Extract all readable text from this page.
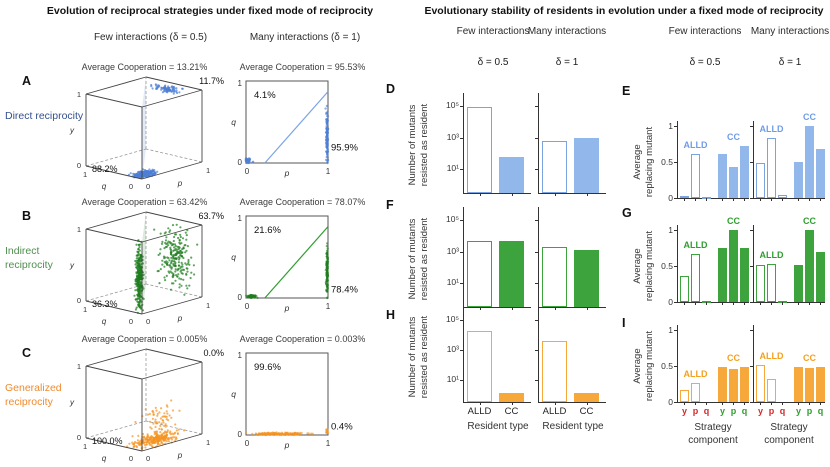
Evolution of reciprocal strategies under fixed mode of reciprocity
Few interactions (δ = 0.5)	Many interactions (δ = 1)
A
Direct reciprocity
Average Cooperation = 13.21%
1
0
y
1
0
q	0
1
p
11.7%
88.2%
Average Cooperation = 95.53%
1
0
0	1
q
p
4.1%
95.9%
B
Indirect reciprocity
Average Cooperation = 63.42%
1
0
y
1
0
q	0
1
p
63.7%
36.3%
Average Cooperation = 78.07%
1
0
0	1
q
p
21.6%
78.4%
C
Generalized reciprocity
Average Cooperation = 0.005%
1
0
y
1
0
q	0
1
p
0.0%
100.0%
Average Cooperation = 0.003%
1
0
0	1
q
p
99.6%
0.4%
Evolutionary stability of residents in evolution under a fixed mode of reciprocity
Few interactions
Many interactions	Few interactions Many interactions
δ = 0.5	δ = 1	δ = 0.5	δ = 1
D	E
F
G
H
I
Number of mutants resisted as resident
Number of mutants resisted as resident
Number of mutants resisted as resident
Average replacing mutant
Average replacing mutant
Average replacing mutant
10¹
10³
10⁵
10¹
10³
10⁵
10¹
10³
10⁵
ALLD	CC
Resident type
ALLD	CC
Resident type
0
0.5
1
ALLD
CC
ALLD
CC
0
0.5
1
ALLD
CC
ALLD
CC
0
0.5
1
ALLD
CC
y p q y p q
Strategy component
ALLD	CC
y p q y p q
Strategy component
